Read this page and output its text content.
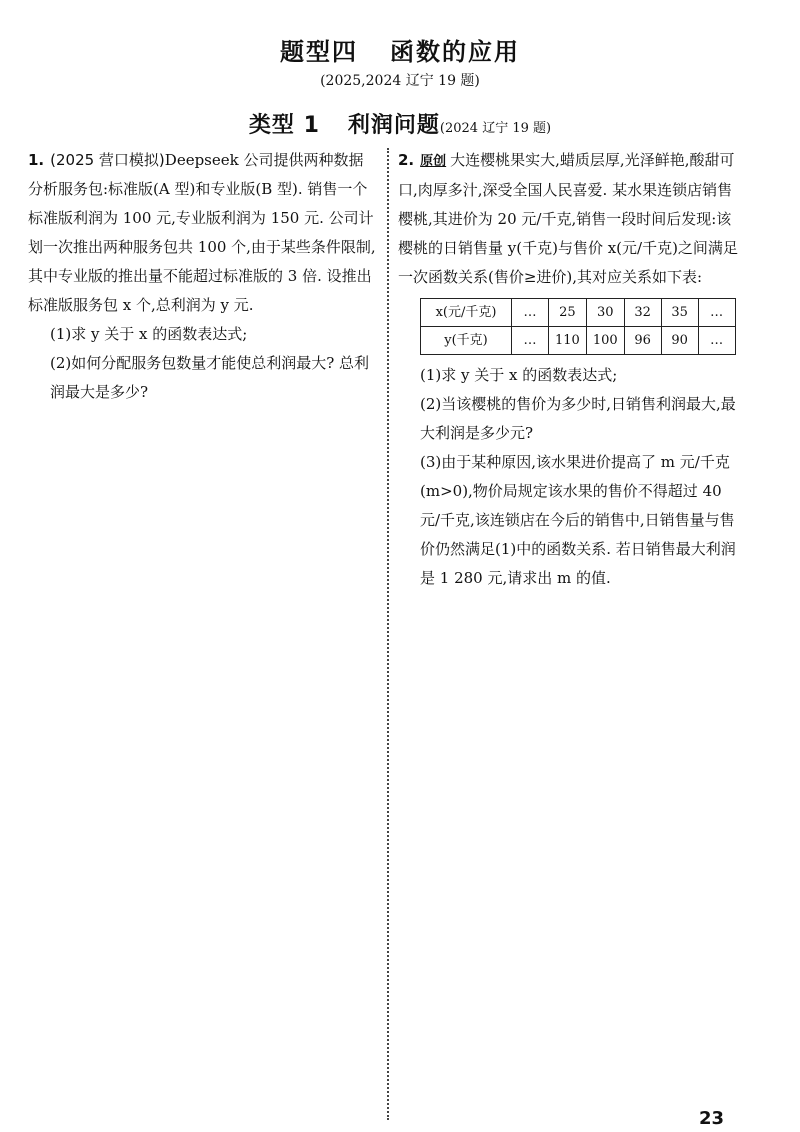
题型四 函数的应用
(2025,2024 辽宁 19 题)
类型 1 利润问题(2024 辽宁 19 题)

1. (2025 营口模拟)Deepseek 公司提供两种数据分析服务包:标准版(A 型)和专业版(B 型). 销售一个标准版利润为 100 元,专业版利润为 150 元. 公司计划一次推出两种服务包共 100 个,由于某些条件限制,其中专业版的推出量不能超过标准版的 3 倍. 设推出标准版服务包 x 个,总利润为 y 元.

(1)求 y 关于 x 的函数表达式;

(2)如何分配服务包数量才能使总利润最大? 总利润最大是多少?

2. 原创 大连樱桃果实大,蜡质层厚,光泽鲜艳,酸甜可口,肉厚多汁,深受全国人民喜爱. 某水果连锁店销售樱桃,其进价为 20 元/千克,销售一段时间后发现:该樱桃的日销售量 y(千克)与售价 x(元/千克)之间满足一次函数关系(售价≥进价),其对应关系如下表:

x(元/千克)	…	25	30	32	35	…
y(千克)	…	110	100	96	90	…

(1)求 y 关于 x 的函数表达式;

(2)当该樱桃的售价为多少时,日销售利润最大,最大利润是多少元?

(3)由于某种原因,该水果进价提高了 m 元/千克(m>0),物价局规定该水果的售价不得超过 40 元/千克,该连锁店在今后的销售中,日销售量与售价仍然满足(1)中的函数关系. 若日销售最大利润是 1 280 元,请求出 m 的值.

23
